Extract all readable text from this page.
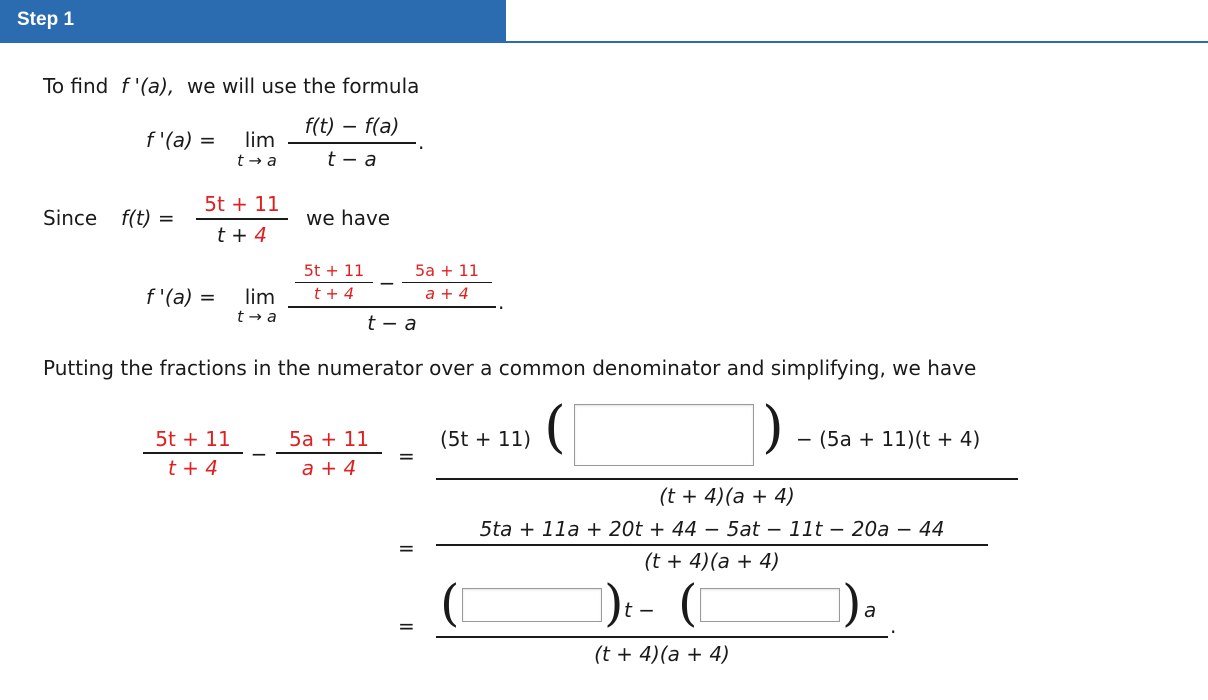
Step 1
To find f '(a), we will use the formula
f '(a) =	lim
t → a
f(t) − f(a)
t − a
.
Since f(t) =
5t + 11
t + 4
we have
f '(a) =	lim
t → a
5t + 11
t + 4	−
5a + 11
a + 4
t − a
.
Putting the fractions in the numerator over a common denominator and simplifying, we have
5t + 11
t + 4
−
5a + 11
a + 4	=
(5t + 11) (	) − (5a + 11)(t + 4)
(t + 4)(a + 4)
=
5ta + 11a + 20t + 44 − 5at − 11t − 20a − 44
(t + 4)(a + 4)
= (	) t − (	) a
.
(t + 4)(a + 4)
